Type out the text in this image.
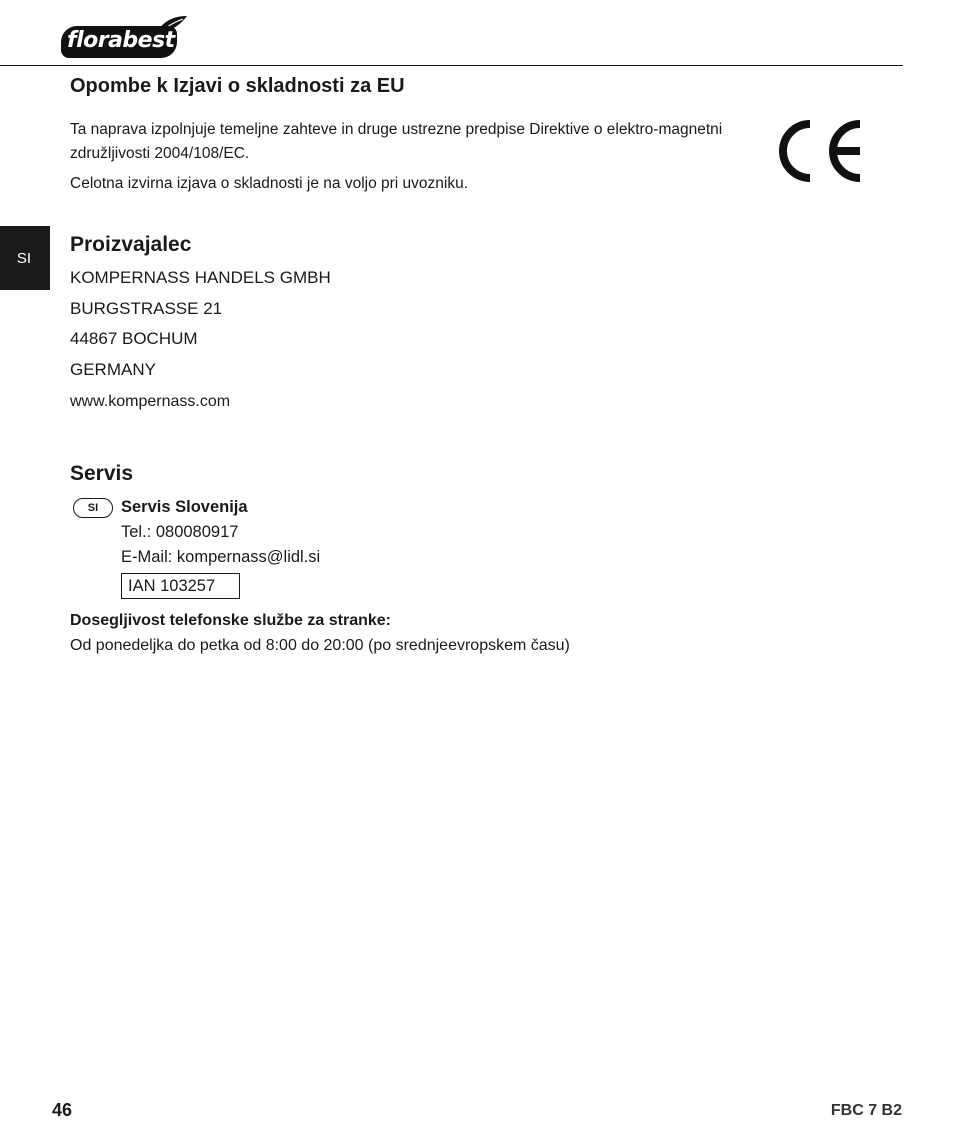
florabest
SI
Opombe k Izjavi o skladnosti za EU

Ta naprava izpolnjuje temeljne zahteve in druge ustrezne predpise Direktive o elektro-magnetni združljivosti 2004/108/EC.

Celotna izvirna izjava o skladnosti je na voljo pri uvozniku.

Proizvajalec

KOMPERNASS HANDELS GMBH

BURGSTRASSE 21

44867 BOCHUM

GERMANY

www.kompernass.com

Servis
SI	Servis Slovenija

Tel.: 080080917

E-Mail: kompernass@lidl.si

IAN 103257

Dosegljivost telefonske službe za stranke:

Od ponedeljka do petka od 8:00 do 20:00 (po srednjeevropskem času)

46	FBC 7 B2
